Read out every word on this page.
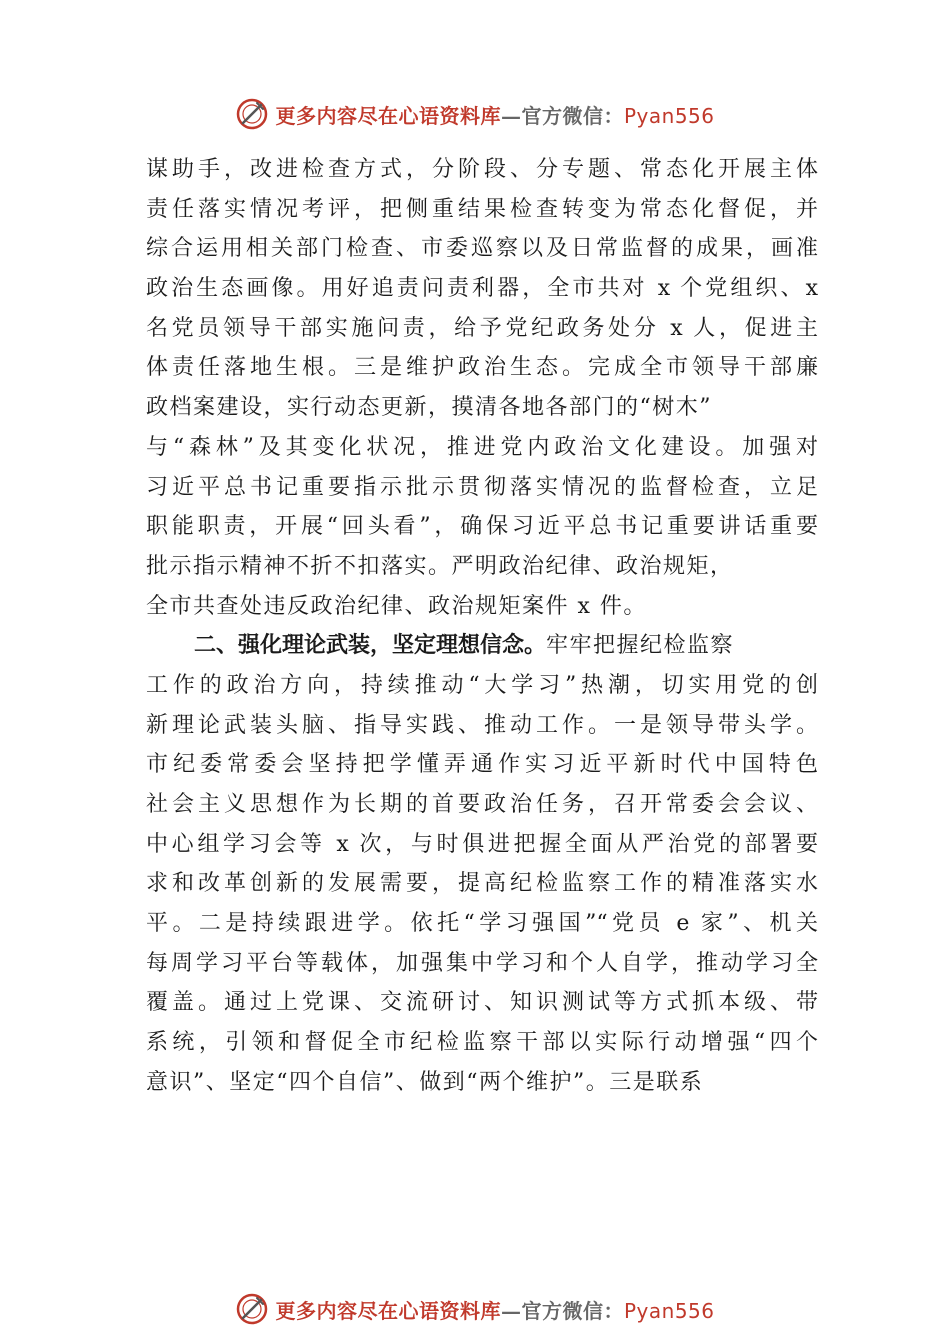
更多内容尽在心语资料库—官方微信：Pyan556
谋助手，改进检查方式，分阶段、分专题、常态化开展主体
责任落实情况考评，把侧重结果检查转变为常态化督促，并
综合运用相关部门检查、市委巡察以及日常监督的成果，画准
政治生态画像。用好追责问责利器，全市共对 x 个党组织、x
名党员领导干部实施问责，给予党纪政务处分 x 人，促进主
体责任落地生根。三是维护政治生态。完成全市领导干部廉
政档案建设，实行动态更新，摸清各地各部门的“树木”
与“森林”及其变化状况，推进党内政治文化建设。加强对
习近平总书记重要指示批示贯彻落实情况的监督检查，立足
职能职责，开展“回头看”，确保习近平总书记重要讲话重要
批示指示精神不折不扣落实。严明政治纪律、政治规矩，
全市共查处违反政治纪律、政治规矩案件 x 件。
二、强化理论武装，坚定理想信念。牢牢把握纪检监察
工作的政治方向，持续推动“大学习”热潮，切实用党的创
新理论武装头脑、指导实践、推动工作。一是领导带头学。
市纪委常委会坚持把学懂弄通作实习近平新时代中国特色
社会主义思想作为长期的首要政治任务，召开常委会会议、
中心组学习会等 x 次，与时俱进把握全面从严治党的部署要
求和改革创新的发展需要，提高纪检监察工作的精准落实水
平。二是持续跟进学。依托“学习强国”“党员 e 家”、机关
每周学习平台等载体，加强集中学习和个人自学，推动学习全
覆盖。通过上党课、交流研讨、知识测试等方式抓本级、带
系统，引领和督促全市纪检监察干部以实际行动增强“四个
意识”、坚定“四个自信”、做到“两个维护”。三是联系
更多内容尽在心语资料库—官方微信：Pyan556
